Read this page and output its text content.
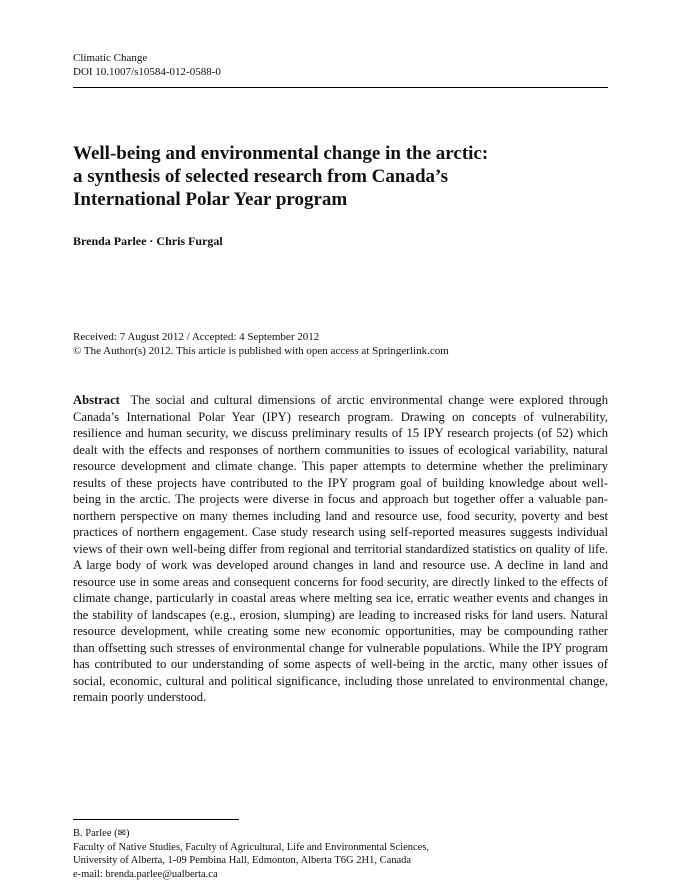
Climatic Change
DOI 10.1007/s10584-012-0588-0
Well-being and environmental change in the arctic:
a synthesis of selected research from Canada’s
International Polar Year program
Brenda Parlee · Chris Furgal
Received: 7 August 2012 / Accepted: 4 September 2012
© The Author(s) 2012. This article is published with open access at Springerlink.com

Abstract The social and cultural dimensions of arctic environmental change were explored through Canada’s International Polar Year (IPY) research program. Drawing on concepts of vulnerability, resilience and human security, we discuss preliminary results of 15 IPY research projects (of 52) which dealt with the effects and responses of northern communities to issues of ecological variability, natural resource development and climate change. This paper attempts to determine whether the preliminary results of these projects have contributed to the IPY program goal of building knowledge about well-being in the arctic. The projects were diverse in focus and approach but together offer a valuable pan-northern perspective on many themes including land and resource use, food security, poverty and best practices of northern engagement. Case study research using self-reported measures suggests individual views of their own well-being differ from regional and territorial standardized statistics on quality of life. A large body of work was developed around changes in land and resource use. A decline in land and resource use in some areas and consequent concerns for food security, are directly linked to the effects of climate change, particularly in coastal areas where melting sea ice, erratic weather events and changes in the stability of landscapes (e.g., erosion, slumping) are leading to increased risks for land users. Natural resource development, while creating some new economic opportunities, may be compounding rather than offsetting such stresses of environmental change for vulnerable populations. While the IPY program has contributed to our understanding of some aspects of well-being in the arctic, many other issues of social, economic, cultural and political significance, including those unrelated to environmental change, remain poorly understood.

B. Parlee (✉)
Faculty of Native Studies, Faculty of Agricultural, Life and Environmental Sciences,
University of Alberta, 1-09 Pembina Hall, Edmonton, Alberta T6G 2H1, Canada
e-mail: brenda.parlee@ualberta.ca
